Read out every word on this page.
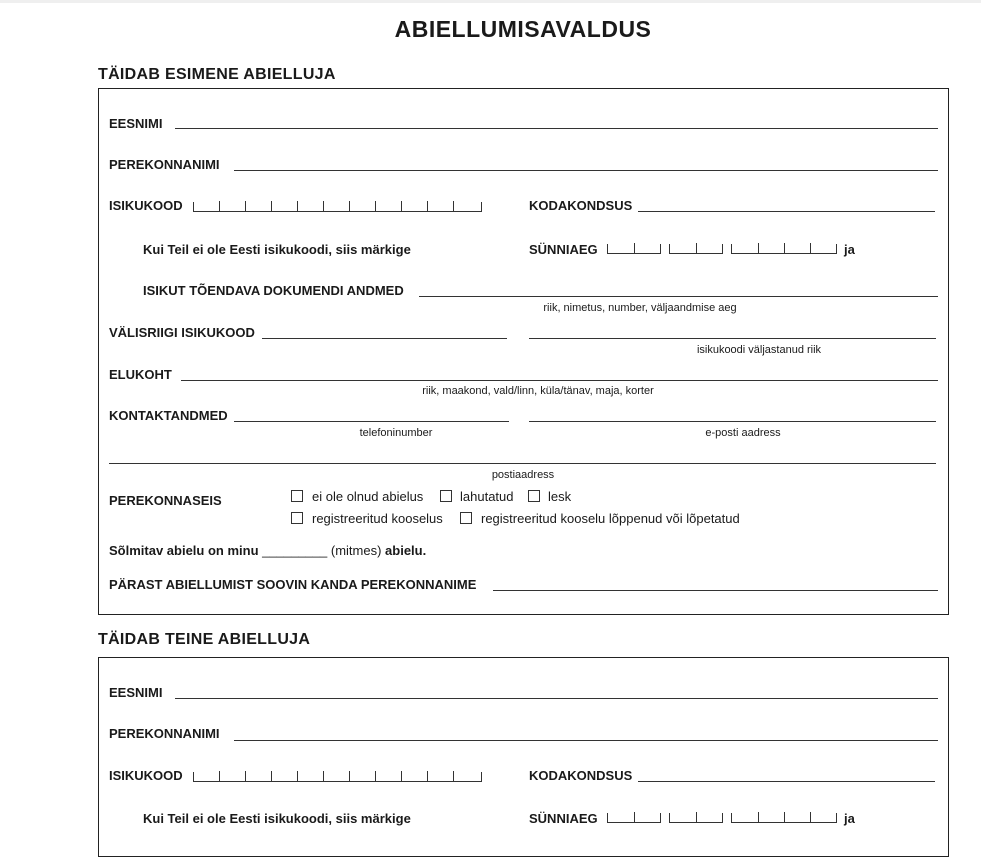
ABIELLUMISAVALDUS
TÄIDAB ESIMENE ABIELLUJA
EESNIMI
PEREKONNANIMI
ISIKUKOOD	KODAKONDSUS
Kui Teil ei ole Eesti isikukoodi, siis märkige	SÜNNIAEG	ja
ISIKUT TÕENDAVA DOKUMENDI ANDMED
riik, nimetus, number, väljaandmise aeg
VÄLISRIIGI ISIKUKOOD
isikukoodi väljastanud riik
ELUKOHT
riik, maakond, vald/linn, küla/tänav, maja, korter
KONTAKTANDMED
telefoninumber	e-posti aadress
postiaadress
PEREKONNASEIS	ei ole olnud abielus	lahutatud	lesk
registreeritud kooselus	registreeritud kooselu lõppenud või lõpetatud
Sõlmitav abielu on minu _________ (mitmes) abielu.
PÄRAST ABIELLUMIST SOOVIN KANDA PEREKONNANIME
TÄIDAB TEINE ABIELLUJA
EESNIMI
PEREKONNANIMI
ISIKUKOOD	KODAKONDSUS
Kui Teil ei ole Eesti isikukoodi, siis märkige	SÜNNIAEG	ja
